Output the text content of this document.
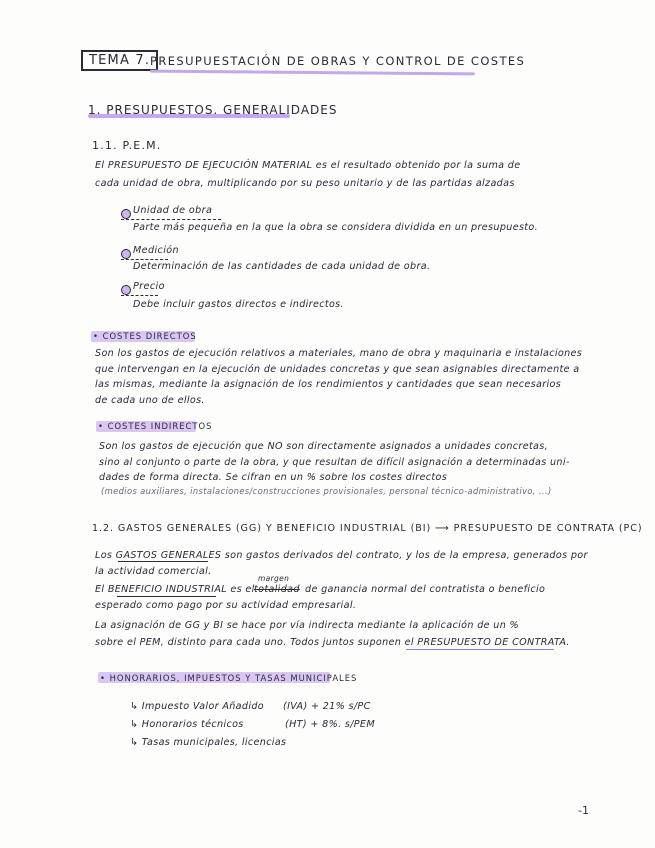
TEMA 7. PRESUPUESTACIÓN DE OBRAS Y CONTROL DE COSTES
1. PRESUPUESTOS. GENERALIDADES
1.1. P.E.M.
El PRESUPUESTO DE EJECUCIÓN MATERIAL es el resultado obtenido por la suma de
cada unidad de obra, multiplicando por su peso unitario y de las partidas alzadas
Unidad de obra
Parte más pequeña en la que la obra se considera dividida en un presupuesto.
Medición
Determinación de las cantidades de cada unidad de obra.
Precio
Debe incluir gastos directos e indirectos.
• COSTES DIRECTOS
Son los gastos de ejecución relativos a materiales, mano de obra y maquinaria e instalaciones
que intervengan en la ejecución de unidades concretas y que sean asignables directamente a
las mismas, mediante la asignación de los rendimientos y cantidades que sean necesarios
de cada uno de ellos.
• COSTES INDIRECTOS
Son los gastos de ejecución que NO son directamente asignados a unidades concretas,
sino al conjunto o parte de la obra, y que resultan de difícil asignación a determinadas uni-
dades de forma directa. Se cifran en un % sobre los costes directos
(medios auxiliares, instalaciones/construcciones provisionales, personal técnico-administrativo, ...)
1.2. GASTOS GENERALES (GG) Y BENEFICIO INDUSTRIAL (BI) ⟶ PRESUPUESTO DE CONTRATA (PC)
Los GASTOS GENERALES son gastos derivados del contrato, y los de la empresa, generados por
la actividad comercial.
margen
El BENEFICIO INDUSTRIAL es el totalidad de ganancia normal del contratista o beneficio
esperado como pago por su actividad empresarial.
La asignación de GG y BI se hace por vía indirecta mediante la aplicación de un %
sobre el PEM, distinto para cada uno. Todos juntos suponen el PRESUPUESTO DE CONTRATA.
• HONORARIOS, IMPUESTOS Y TASAS MUNICIPALES
↳ Impuesto Valor Añadido (IVA) + 21% s/PC
↳ Honorarios técnicos	(HT) + 8%. s/PEM
↳ Tasas municipales, licencias
-1
